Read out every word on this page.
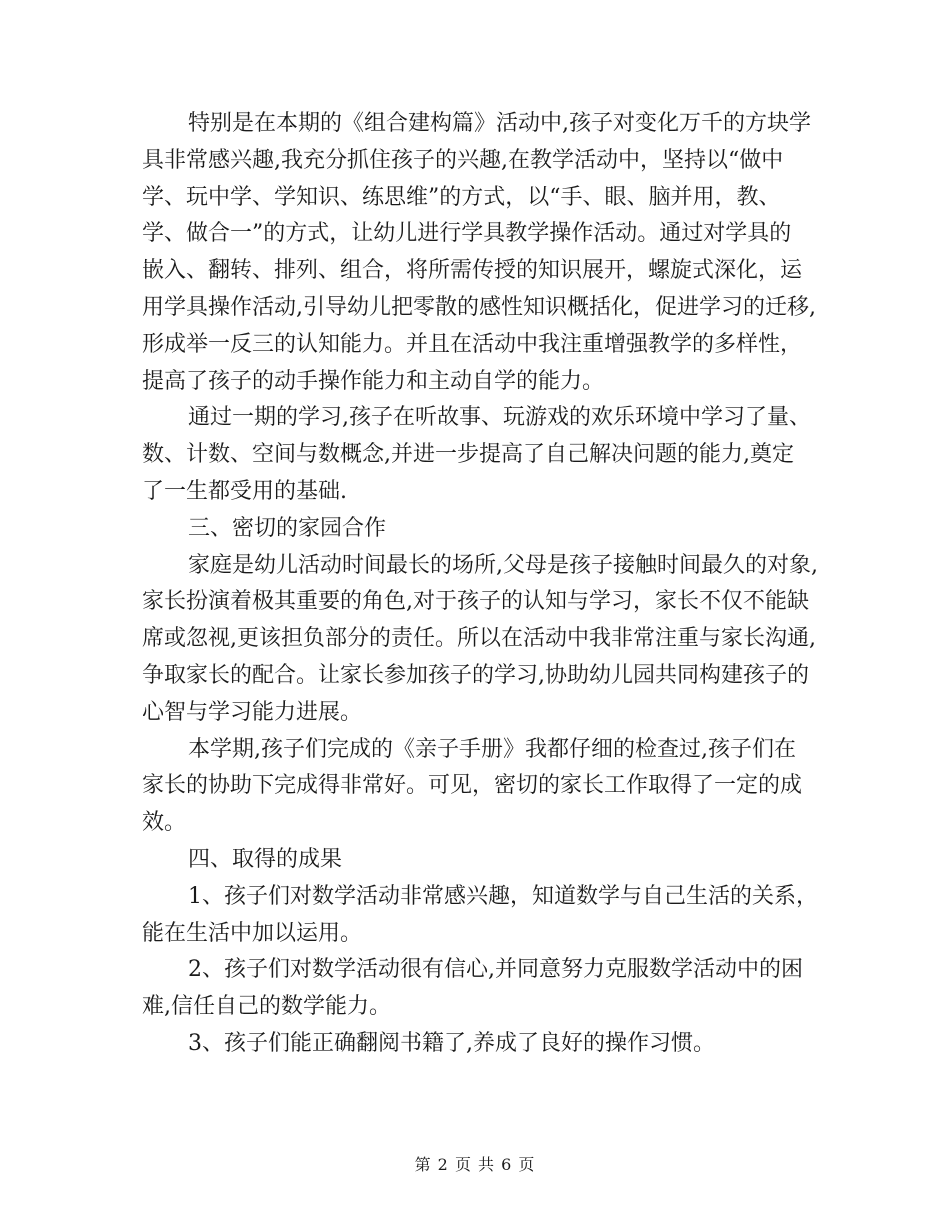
特别是在本期的《组合建构篇》活动中,孩子对变化万千的方块学
具非常感兴趣,我充分抓住孩子的兴趣,在教学活动中，坚持以“做中
学、玩中学、学知识、练思维”的方式，以“手、眼、脑并用，教、
学、做合一”的方式，让幼儿进行学具教学操作活动。通过对学具的
嵌入、翻转、排列、组合，将所需传授的知识展开，螺旋式深化，运
用学具操作活动,引导幼儿把零散的感性知识概括化，促进学习的迁移,
形成举一反三的认知能力。并且在活动中我注重增强教学的多样性，
提高了孩子的动手操作能力和主动自学的能力。

通过一期的学习,孩子在听故事、玩游戏的欢乐环境中学习了量、
数、计数、空间与数概念,并进一步提高了自己解决问题的能力,奠定
了一生都受用的基础.

三、密切的家园合作

家庭是幼儿活动时间最长的场所,父母是孩子接触时间最久的对象,
家长扮演着极其重要的角色,对于孩子的认知与学习，家长不仅不能缺
席或忽视,更该担负部分的责任。所以在活动中我非常注重与家长沟通,
争取家长的配合。让家长参加孩子的学习,协助幼儿园共同构建孩子的
心智与学习能力进展。

本学期,孩子们完成的《亲子手册》我都仔细的检查过,孩子们在
家长的协助下完成得非常好。可见，密切的家长工作取得了一定的成
效。

四、取得的成果

1、孩子们对数学活动非常感兴趣，知道数学与自己生活的关系，
能在生活中加以运用。

2、孩子们对数学活动很有信心,并同意努力克服数学活动中的困
难,信任自己的数学能力。

3、孩子们能正确翻阅书籍了,养成了良好的操作习惯。

第 2 页 共 6 页
